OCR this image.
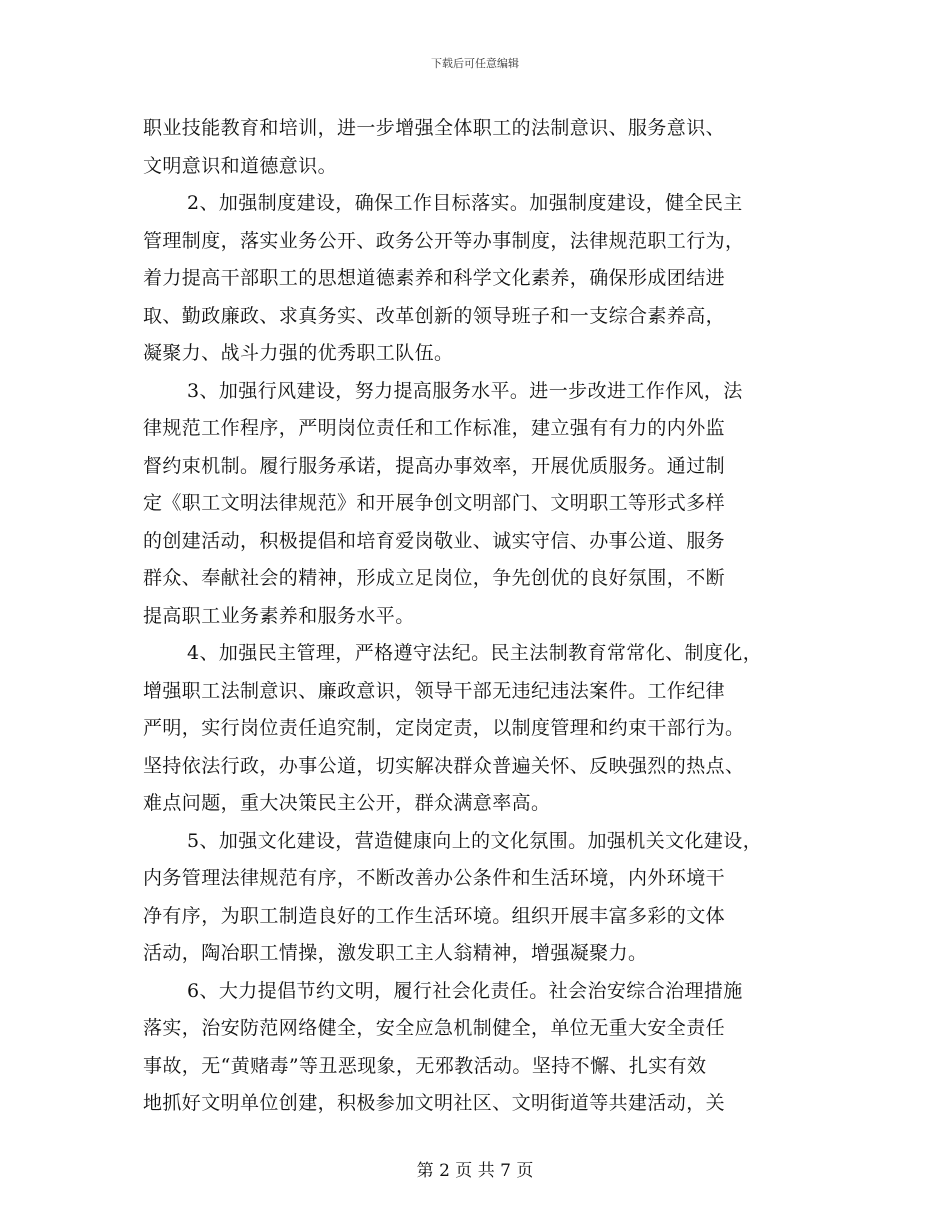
下载后可任意编辑
职业技能教育和培训，进一步增强全体职工的法制意识、服务意识、
文明意识和道德意识。
2、加强制度建设，确保工作目标落实。加强制度建设，健全民主
管理制度，落实业务公开、政务公开等办事制度，法律规范职工行为，
着力提高干部职工的思想道德素养和科学文化素养，确保形成团结进
取、勤政廉政、求真务实、改革创新的领导班子和一支综合素养高，
凝聚力、战斗力强的优秀职工队伍。
3、加强行风建设，努力提高服务水平。进一步改进工作作风，法
律规范工作程序，严明岗位责任和工作标准，建立强有有力的内外监
督约束机制。履行服务承诺，提高办事效率，开展优质服务。通过制
定《职工文明法律规范》和开展争创文明部门、文明职工等形式多样
的创建活动，积极提倡和培育爱岗敬业、诚实守信、办事公道、服务
群众、奉献社会的精神，形成立足岗位，争先创优的良好氛围，不断
提高职工业务素养和服务水平。
4、加强民主管理，严格遵守法纪。民主法制教育常常化、制度化，
增强职工法制意识、廉政意识，领导干部无违纪违法案件。工作纪律
严明，实行岗位责任追究制，定岗定责，以制度管理和约束干部行为。
坚持依法行政，办事公道，切实解决群众普遍关怀、反映强烈的热点、
难点问题，重大决策民主公开，群众满意率高。
5、加强文化建设，营造健康向上的文化氛围。加强机关文化建设，
内务管理法律规范有序，不断改善办公条件和生活环境，内外环境干
净有序，为职工制造良好的工作生活环境。组织开展丰富多彩的文体
活动，陶冶职工情操，激发职工主人翁精神，增强凝聚力。
6、大力提倡节约文明，履行社会化责任。社会治安综合治理措施
落实，治安防范网络健全，安全应急机制健全，单位无重大安全责任
事故，无“黄赌毒”等丑恶现象，无邪教活动。坚持不懈、扎实有效
地抓好文明单位创建，积极参加文明社区、文明街道等共建活动，关
第 2 页 共 7 页
